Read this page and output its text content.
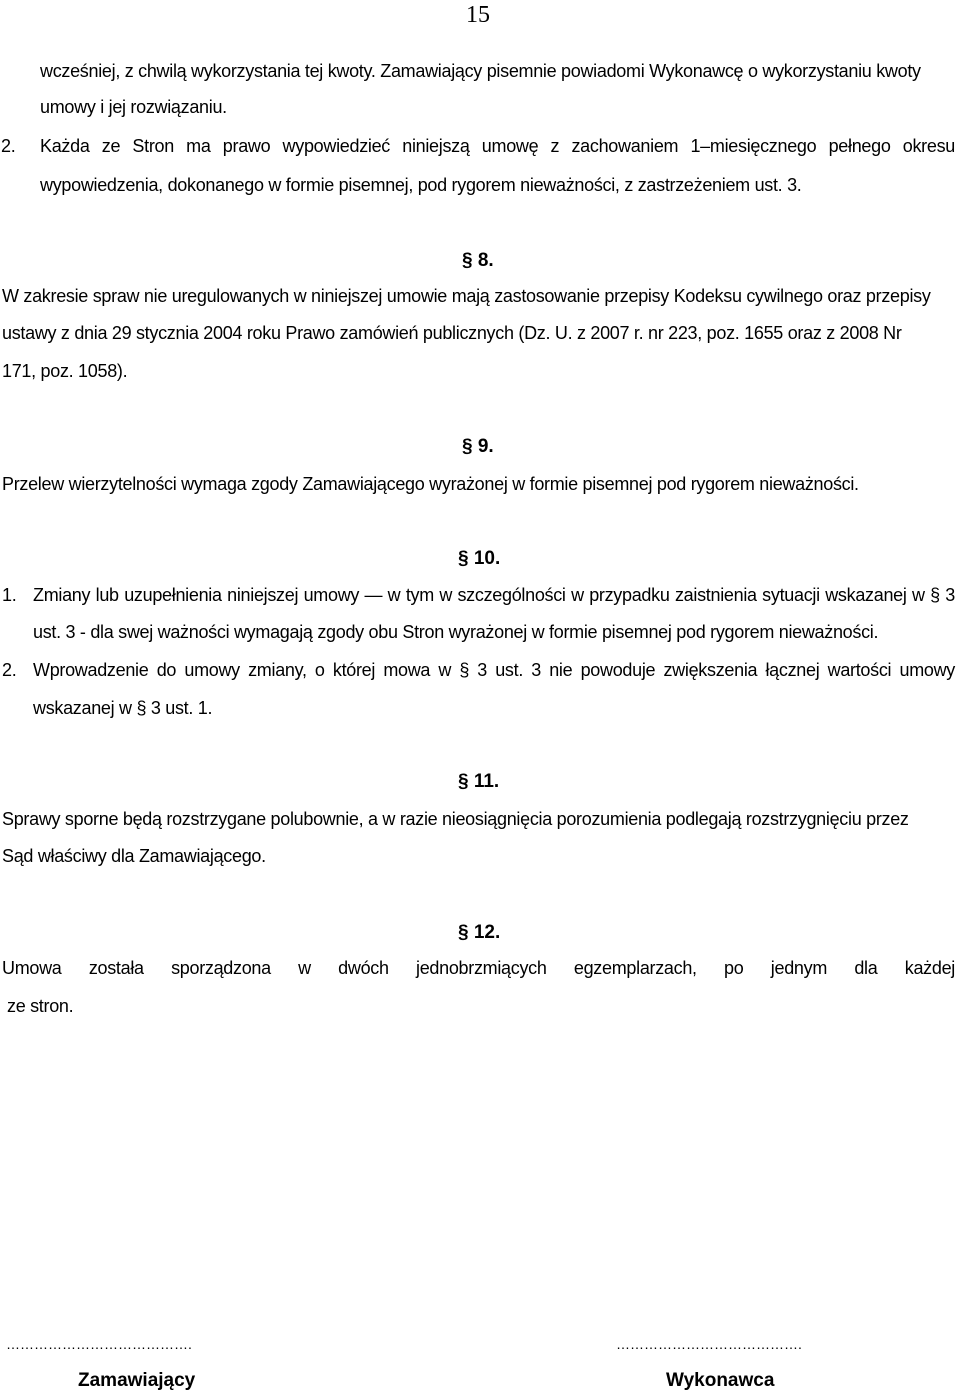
15
wcześniej, z chwilą wykorzystania tej kwoty. Zamawiający pisemnie powiadomi Wykonawcę o wykorzystaniu kwoty
umowy i jej rozwiązaniu.
2. Każda ze Stron ma prawo wypowiedzieć niniejszą umowę z zachowaniem 1–miesięcznego pełnego okresu
wypowiedzenia, dokonanego w formie pisemnej, pod rygorem nieważności, z zastrzeżeniem ust. 3.
§ 8.
W zakresie spraw nie uregulowanych w niniejszej umowie mają zastosowanie przepisy Kodeksu cywilnego oraz przepisy
ustawy z dnia 29 stycznia 2004 roku Prawo zamówień publicznych (Dz. U. z 2007 r. nr 223, poz. 1655 oraz z 2008 Nr
171, poz. 1058).
§ 9.
Przelew wierzytelności wymaga zgody Zamawiającego wyrażonej w formie pisemnej pod rygorem nieważności.
§ 10.
1. Zmiany lub uzupełnienia niniejszej umowy — w tym w szczególności w przypadku zaistnienia sytuacji wskazanej w § 3
ust. 3 - dla swej ważności wymagają zgody obu Stron wyrażonej w formie pisemnej pod rygorem nieważności.
2. Wprowadzenie do umowy zmiany, o której mowa w § 3 ust. 3 nie powoduje zwiększenia łącznej wartości umowy
wskazanej w § 3 ust. 1.
§ 11.
Sprawy sporne będą rozstrzygane polubownie, a w razie nieosiągnięcia porozumienia podlegają rozstrzygnięciu przez
Sąd właściwy dla Zamawiającego.
§ 12.
Umowa została sporządzona w dwóch jednobrzmiących egzemplarzach, po jednym dla każdej
ze stron.
………………………………….
Zamawiający
………………………………….
Wykonawca
